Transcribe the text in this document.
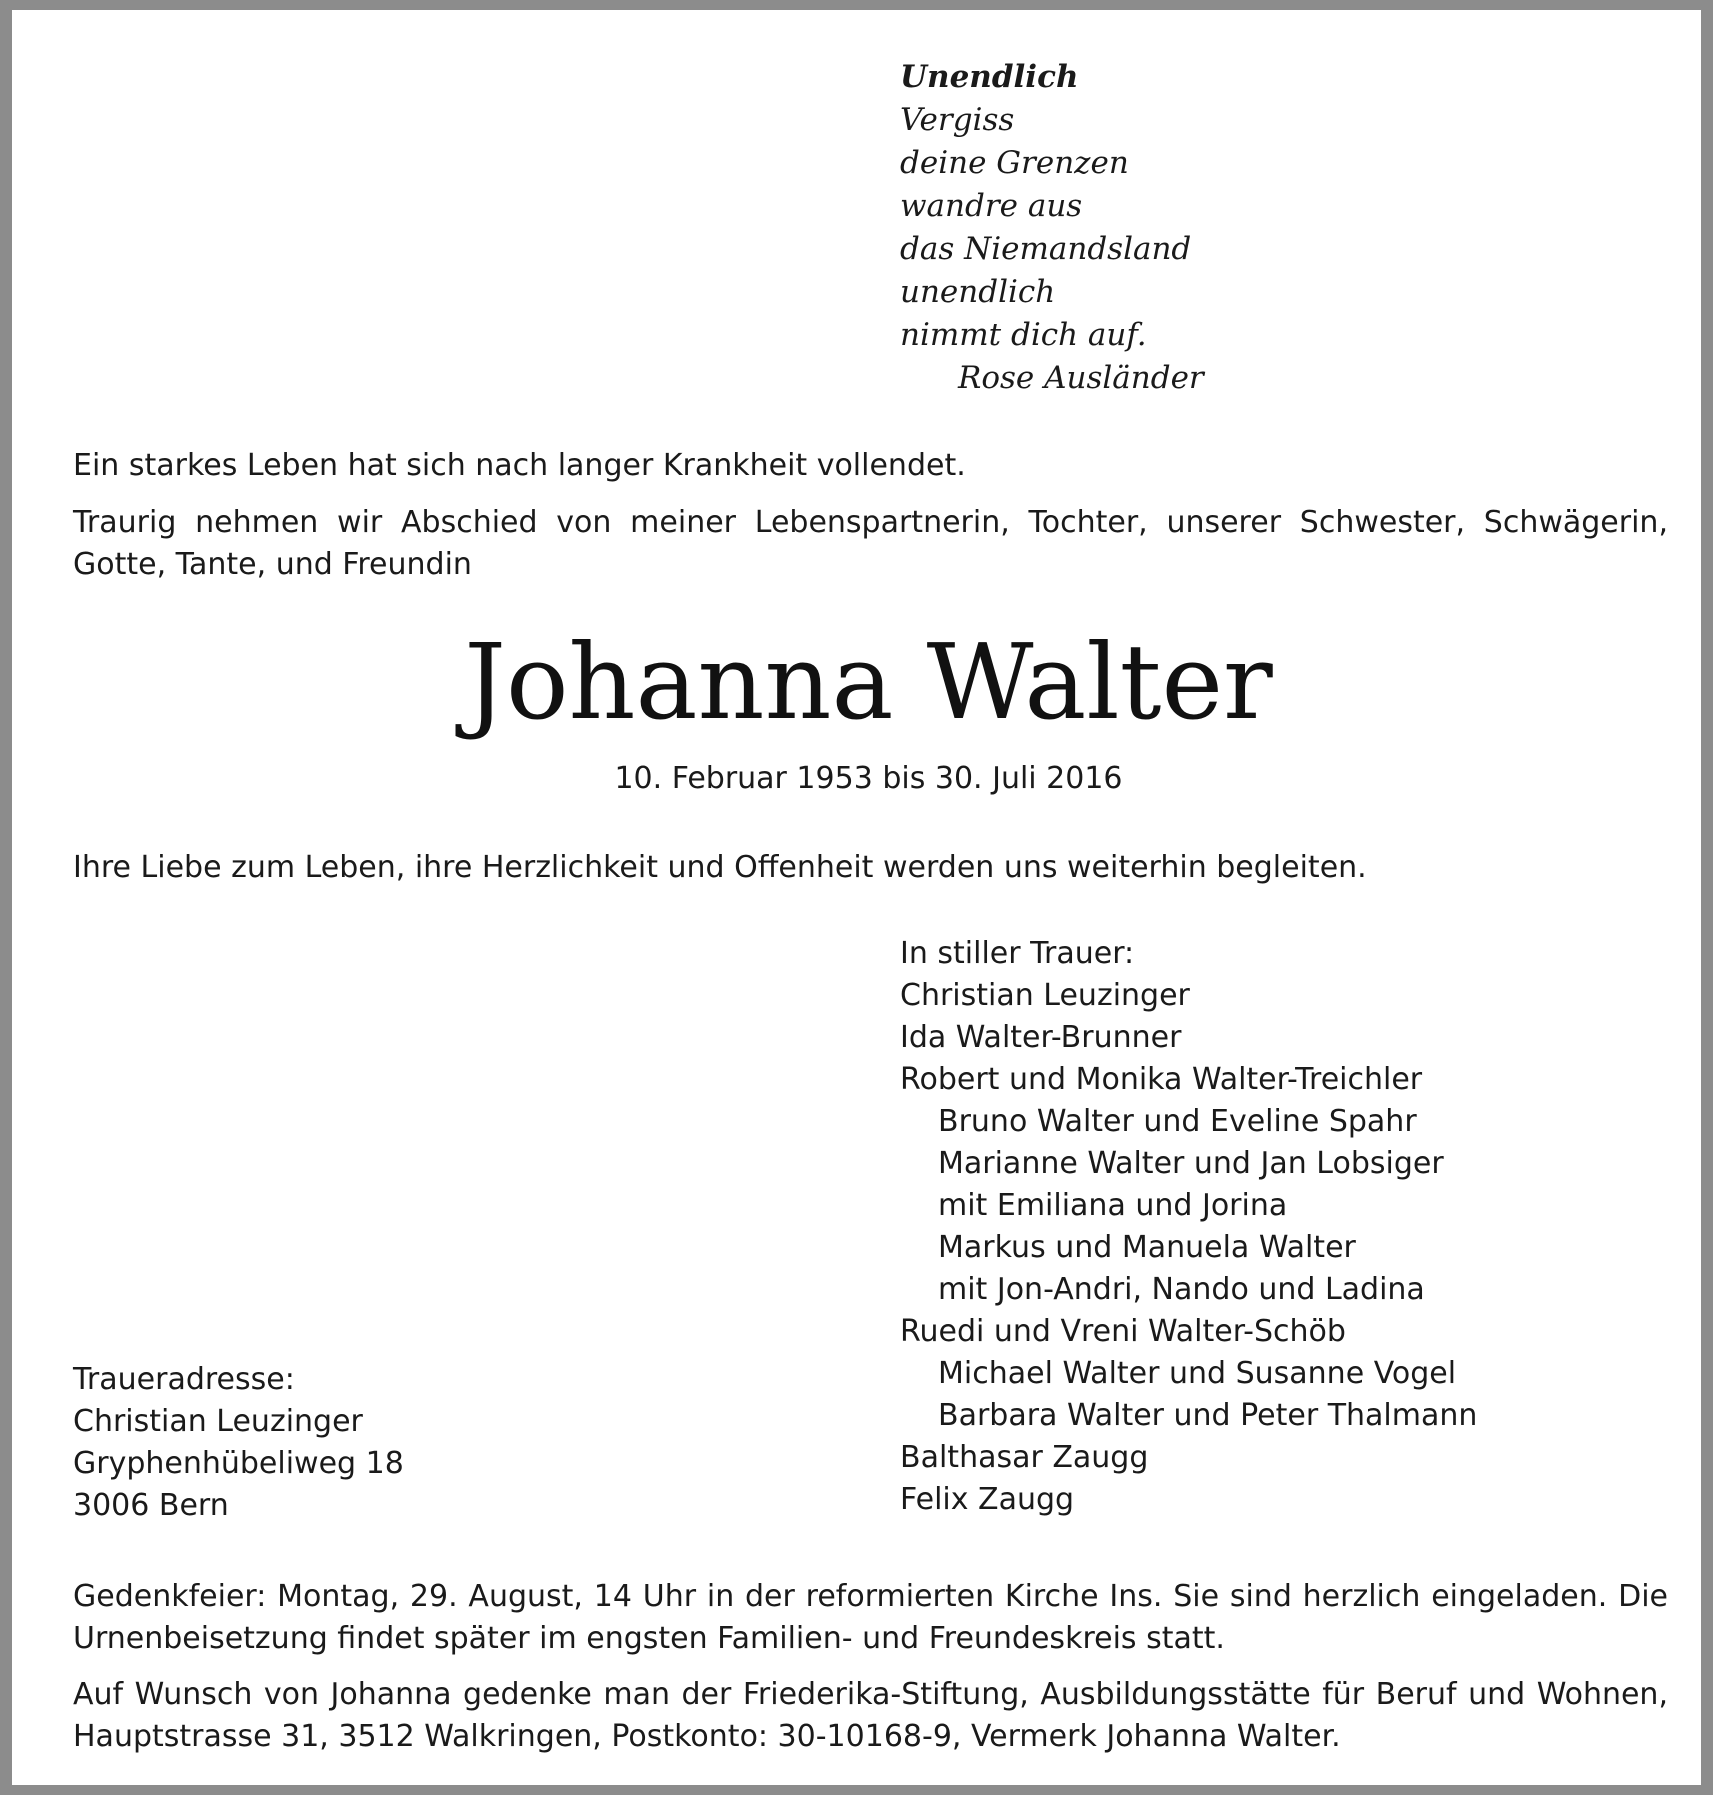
Unendlich
Vergiss
deine Grenzen
wandre aus
das Niemandsland
unendlich
nimmt dich auf.
Rose Ausländer
Ein starkes Leben hat sich nach langer Krankheit vollendet.
Traurig nehmen wir Abschied von meiner Lebenspartnerin, Tochter, unserer Schwester, Schwägerin, Gotte, Tante, und Freundin
Johanna Walter
10. Februar 1953 bis 30. Juli 2016
Ihre Liebe zum Leben, ihre Herzlichkeit und Offenheit werden uns weiterhin begleiten.
In stiller Trauer:
Christian Leuzinger
Ida Walter-Brunner
Robert und Monika Walter-Treichler
Bruno Walter und Eveline Spahr
Marianne Walter und Jan Lobsiger
mit Emiliana und Jorina
Markus und Manuela Walter
mit Jon-Andri, Nando und Ladina
Ruedi und Vreni Walter-Schöb
Michael Walter und Susanne Vogel
Barbara Walter und Peter Thalmann
Balthasar Zaugg
Felix Zaugg
Traueradresse:
Christian Leuzinger
Gryphenhübeliweg 18
3006 Bern
Gedenkfeier: Montag, 29. August, 14 Uhr in der reformierten Kirche Ins. Sie sind herzlich eingeladen. Die Urnenbeisetzung findet später im engsten Familien- und Freundeskreis statt.
Auf Wunsch von Johanna gedenke man der Friederika-Stiftung, Ausbildungsstätte für Beruf und Wohnen, Hauptstrasse 31, 3512 Walkringen, Postkonto: 30-10168-9, Vermerk Johanna Walter.
